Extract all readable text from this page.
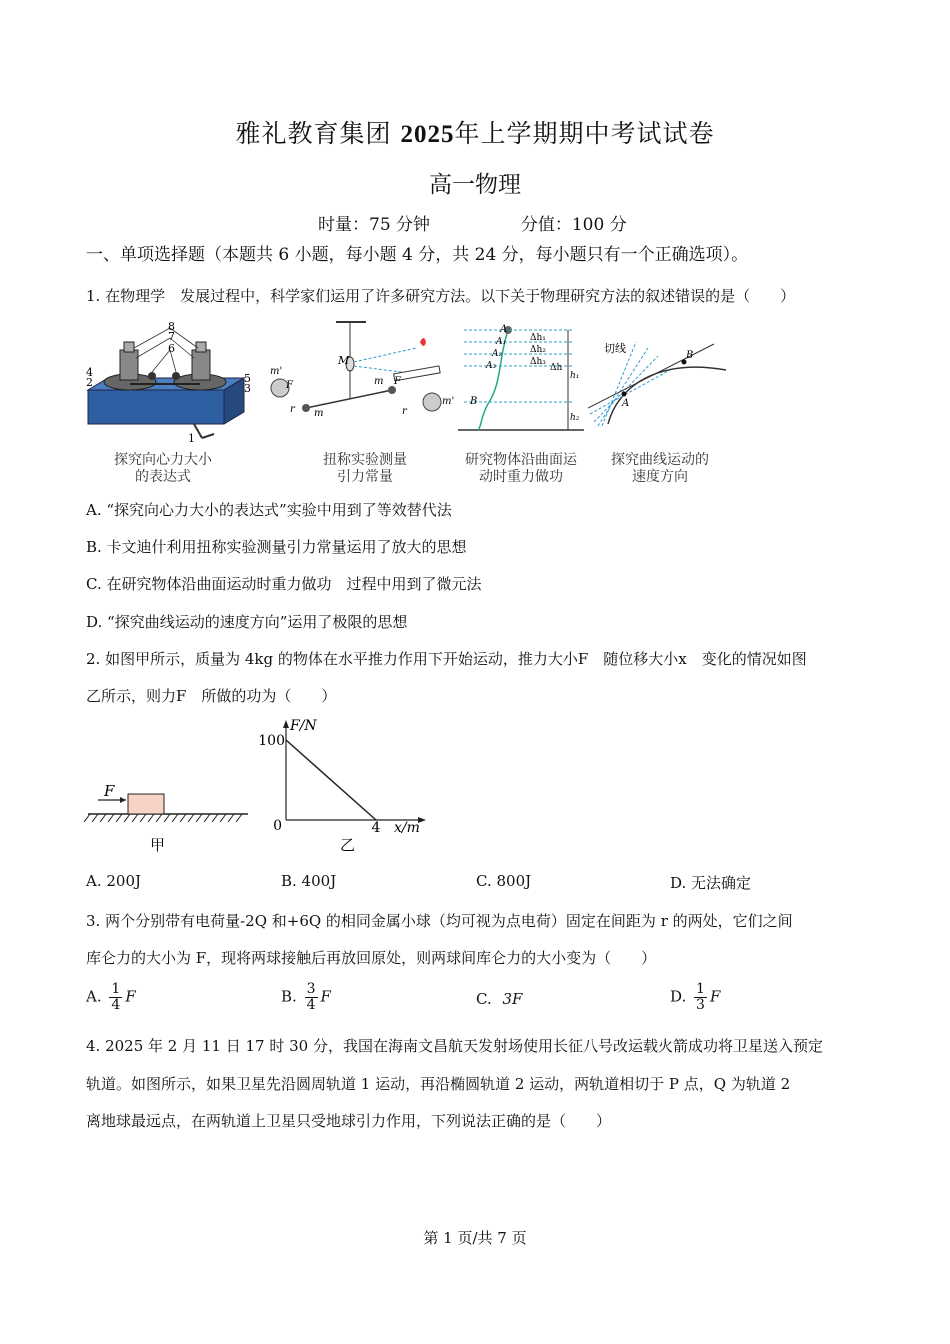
雅礼教育集团 2025年上学期期中考试试卷
高一物理
时量：75 分钟	分值：100 分
一、单项选择题（本题共 6 小题，每小题 4 分，共 24 分，每小题只有一个正确选项）。
1. 在物理学　发展过程中，科学家们运用了许多研究方法。以下关于物理研究方法的叙述错误的是（　　）
8
7
6
5
4
3
2
1
探究向心力大小
的表达式
M
m'
F
r m
m F
r
m'
扭称实验测量
引力常量
A
A₁
A₂
A₃
Δh₁
Δh₂
Δh₃
Δh
h₁
B
h₂
研究物体沿曲面运
动时重力做功
切线
A
B
探究曲线运动的
速度方向
A. “探究向心力大小的表达式”实验中用到了等效替代法
B. 卡文迪什利用扭称实验测量引力常量运用了放大的思想
C. 在研究物体沿曲面运动时重力做功　过程中用到了微元法
D. “探究曲线运动的速度方向”运用了极限的思想
2. 如图甲所示，质量为 4kg 的物体在水平推力作用下开始运动，推力大小F　随位移大小x　变化的情况如图
乙所示，则力F　所做的功为（　　）
F
甲
F/N
x/m
100
4
0
乙
A. 200J	B. 400J	C. 800J	D. 无法确定
3. 两个分别带有电荷量-2Q 和+6Q 的相同金属小球（均可视为点电荷）固定在间距为 r 的两处，它们之间
库仑力的大小为 F，现将两球接触后再放回原处，则两球间库仑力的大小变为（　　）
A. $\frac{1}{4}$ F	B. $\frac{3}{4}$ F	C. 3F	D. $\frac{1}{3}$ F
4. 2025 年 2 月 11 日 17 时 30 分，我国在海南文昌航天发射场使用长征八号改运载火箭成功将卫星送入预定
轨道。如图所示，如果卫星先沿圆周轨道 1 运动，再沿椭圆轨道 2 运动，两轨道相切于 P 点，Q 为轨道 2
离地球最远点，在两轨道上卫星只受地球引力作用，下列说法正确的是（　　）
第 1 页/共 7 页
